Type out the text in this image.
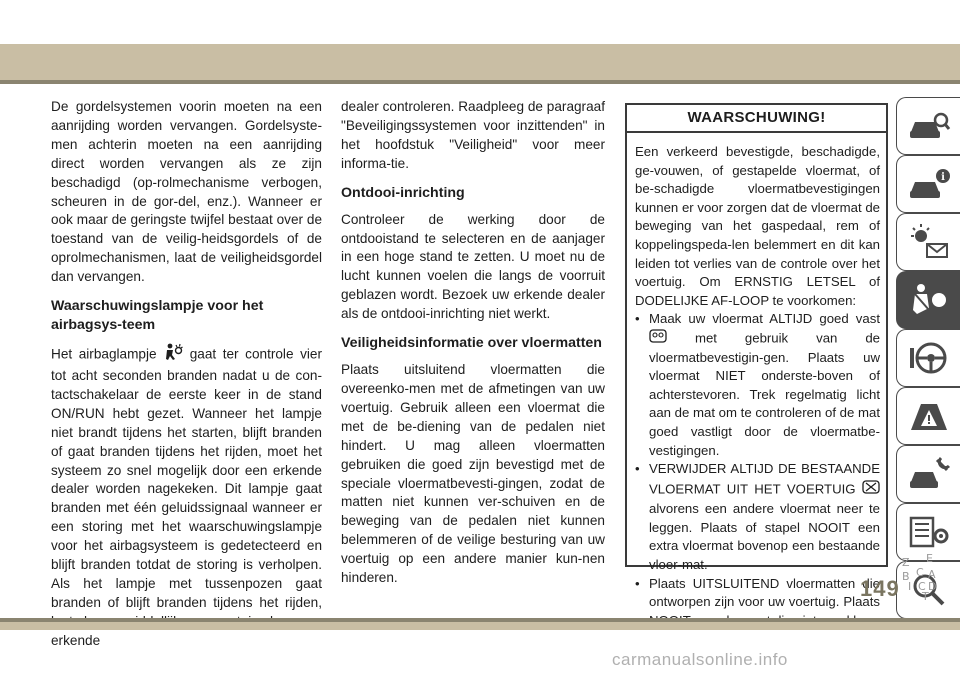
De gordelsystemen voorin moeten na een aanrijding worden vervangen. Gordelsyste-men achterin moeten na een aanrijding direct worden vervangen als ze zijn beschadigd (op-rolmechanisme verbogen, scheuren in de gor-del, enz.). Wanneer er ook maar de geringste twijfel bestaat over de toestand van de veilig-heidsgordels of de oprolmechanismen, laat de veiligheidsgordel dan vervangen.

Waarschuwingslampje voor het airbagsys-teem

Het airbaglampje  gaat ter controle vier tot acht seconden branden nadat u de con-tactschakelaar de eerste keer in de stand ON/RUN hebt gezet. Wanneer het lampje niet brandt tijdens het starten, blijft branden of gaat branden tijdens het rijden, moet het systeem zo snel mogelijk door een erkende dealer worden nagekeken. Dit lampje gaat branden met één geluidssignaal wanneer er een storing met het waarschuwingslampje voor het airbagsysteem is gedetecteerd en blijft branden totdat de storing is verholpen. Als het lampje met tussenpozen gaat branden of blijft branden tijdens het rijden, erkende

dealer controleren. Raadpleeg de paragraaf "Beveiligingssystemen voor inzittenden" in het hoofdstuk "Veiligheid" voor meer informa-tie.

Ontdooi-inrichting

Controleer de werking door de ontdooistand te selecteren en de aanjager in een hoge stand te zetten. U moet nu de lucht kunnen voelen die langs de voorruit geblazen wordt. Bezoek uw erkende dealer als de ontdooi-inrichting niet werkt.

Veiligheidsinformatie over vloermatten

Plaats uitsluitend vloermatten die overeenko-men met de afmetingen van uw voertuig. Gebruik alleen een vloermat die met de be-diening van de pedalen niet hindert. U mag alleen vloermatten gebruiken die goed zijn bevestigd met de speciale vloermatbevesti-gingen, zodat de matten niet kunnen ver-schuiven en de beweging van de pedalen niet kunnen belemmeren of de veilige besturing van uw voertuig op een andere manier kun-nen hinderen.

WAARSCHUWING!
Een verkeerd bevestigde, beschadigde, ge-vouwen, of gestapelde vloermat, of be-schadigde vloermatbevestigingen kunnen er voor zorgen dat de vloermat de beweging van het gaspedaal, rem of koppelingspeda-len belemmert en dit kan leiden tot verlies van de controle over het voertuig. Om ERNSTIG LETSEL of DODELIJKE AF-LOOP te voorkomen:
• Maak uw vloermat ALTIJD goed vast  met gebruik van de vloermatbevestigin-gen. Plaats uw vloermat NIET onderste-boven of achterstevoren. Trek regelmatig licht aan de mat om te controleren of de mat goed vastligt door de vloermatbe-vestigingen.
• VERWIJDER ALTIJD DE BESTAANDE VLOERMAT UIT HET VOERTUIG  alvorens een andere vloermat neer te leggen. Plaats of stapel NOOIT een extra vloermat bovenop een bestaande vloer-mat.
• Plaats UITSLUITEND vloermatten die ontworpen zijn voor uw voertuig. Plaats
i
Z E
B C A
I C D
T
149
carmanualsonline.info
